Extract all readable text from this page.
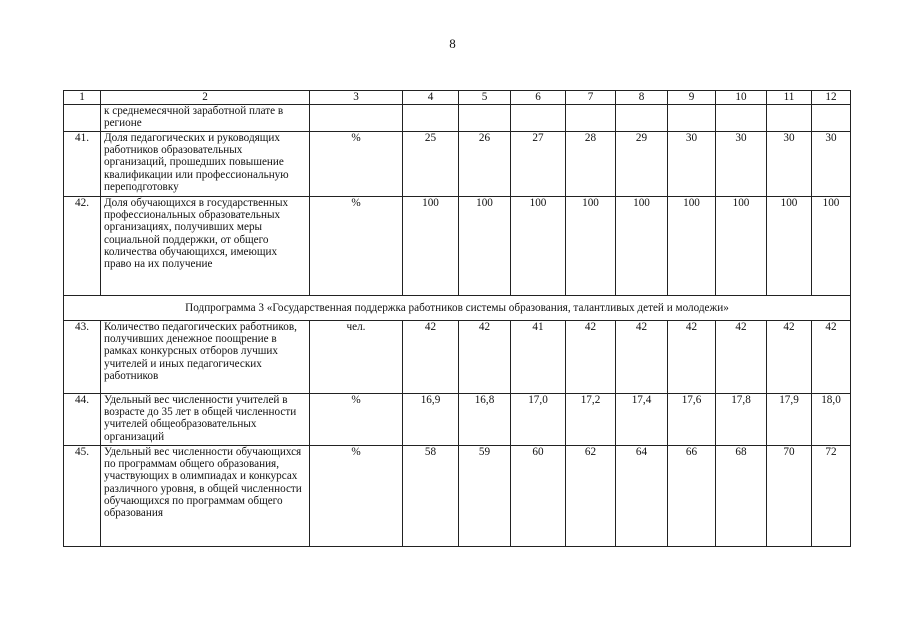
8
1	2	3	4	5	6	7	8	9	10	11	12
	к среднемесячной заработной плате в регионе										
41.	Доля педагогических и руководящих работников образовательных организаций, прошедших повышение квалификации или профессиональную переподготовку	%	25	26	27	28	29	30	30	30	30
42.	Доля обучающихся в государственных профессиональных образовательных организациях, получивших меры социальной поддержки, от общего количества обучающихся, имеющих право на их получение	%	100	100	100	100	100	100	100	100	100
Подпрограмма 3 «Государственная поддержка работников системы образования, талантливых детей и молодежи»											
43.	Количество педагогических работников, получивших денежное поощрение в рамках конкурсных отборов лучших учителей и иных педагогических работников	чел.	42	42	41	42	42	42	42	42	42
44.	Удельный вес численности учителей в возрасте до 35 лет в общей численности учителей общеобразовательных организаций	%	16,9	16,8	17,0	17,2	17,4	17,6	17,8	17,9	18,0
45.	Удельный вес численности обучающихся по программам общего образования, участвующих в олимпиадах и конкурсах различного уровня, в общей численности обучающихся по программам общего образования	%	58	59	60	62	64	66	68	70	72
